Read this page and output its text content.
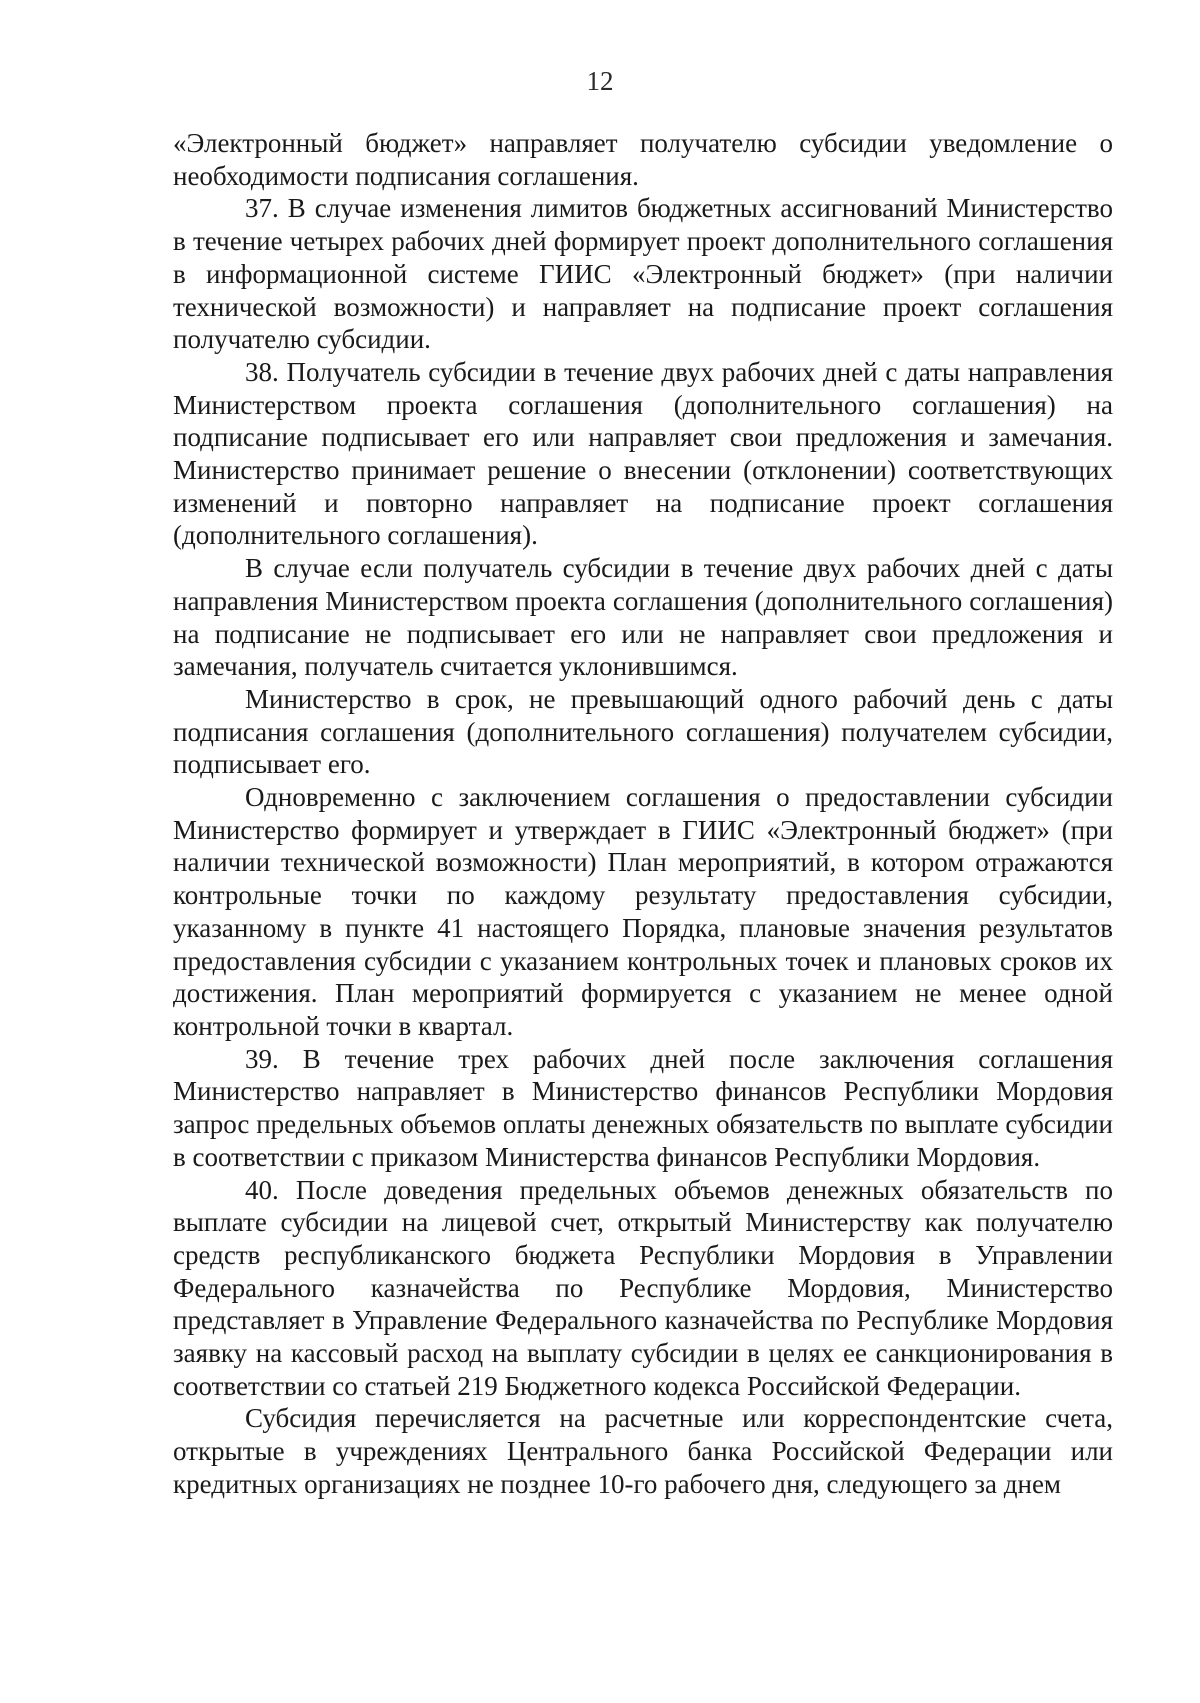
12

«Электронный бюджет» направляет получателю субсидии уведомление о необходимости подписания соглашения.

37. В случае изменения лимитов бюджетных ассигнований Министерство в течение четырех рабочих дней формирует проект дополнительного соглашения в информационной системе ГИИС «Электронный бюджет» (при наличии технической возможности) и направляет на подписание проект соглашения получателю субсидии.

38. Получатель субсидии в течение двух рабочих дней с даты направления Министерством проекта соглашения (дополнительного соглашения) на подписание подписывает его или направляет свои предложения и замечания. Министерство принимает решение о внесении (отклонении) соответствующих изменений и повторно направляет на подписание проект соглашения (дополнительного соглашения).

В случае если получатель субсидии в течение двух рабочих дней с даты направления Министерством проекта соглашения (дополнительного соглашения) на подписание не подписывает его или не направляет свои предложения и замечания, получатель считается уклонившимся.

Министерство в срок, не превышающий одного рабочий день с даты подписания соглашения (дополнительного соглашения) получателем субсидии, подписывает его.

Одновременно с заключением соглашения о предоставлении субсидии Министерство формирует и утверждает в ГИИС «Электронный бюджет» (при наличии технической возможности) План мероприятий, в котором отражаются контрольные точки по каждому результату предоставления субсидии, указанному в пункте 41 настоящего Порядка, плановые значения результатов предоставления субсидии с указанием контрольных точек и плановых сроков их достижения. План мероприятий формируется с указанием не менее одной контрольной точки в квартал.

39. В течение трех рабочих дней после заключения соглашения Министерство направляет в Министерство финансов Республики Мордовия запрос предельных объемов оплаты денежных обязательств по выплате субсидии в соответствии с приказом Министерства финансов Республики Мордовия.

40. После доведения предельных объемов денежных обязательств по выплате субсидии на лицевой счет, открытый Министерству как получателю средств республиканского бюджета Республики Мордовия в Управлении Федерального казначейства по Республике Мордовия, Министерство представляет в Управление Федерального казначейства по Республике Мордовия заявку на кассовый расход на выплату субсидии в целях ее санкционирования в соответствии со статьей 219 Бюджетного кодекса Российской Федерации.

Субсидия перечисляется на расчетные или корреспондентские счета, открытые в учреждениях Центрального банка Российской Федерации или кредитных организациях не позднее 10-го рабочего дня, следующего за днем
